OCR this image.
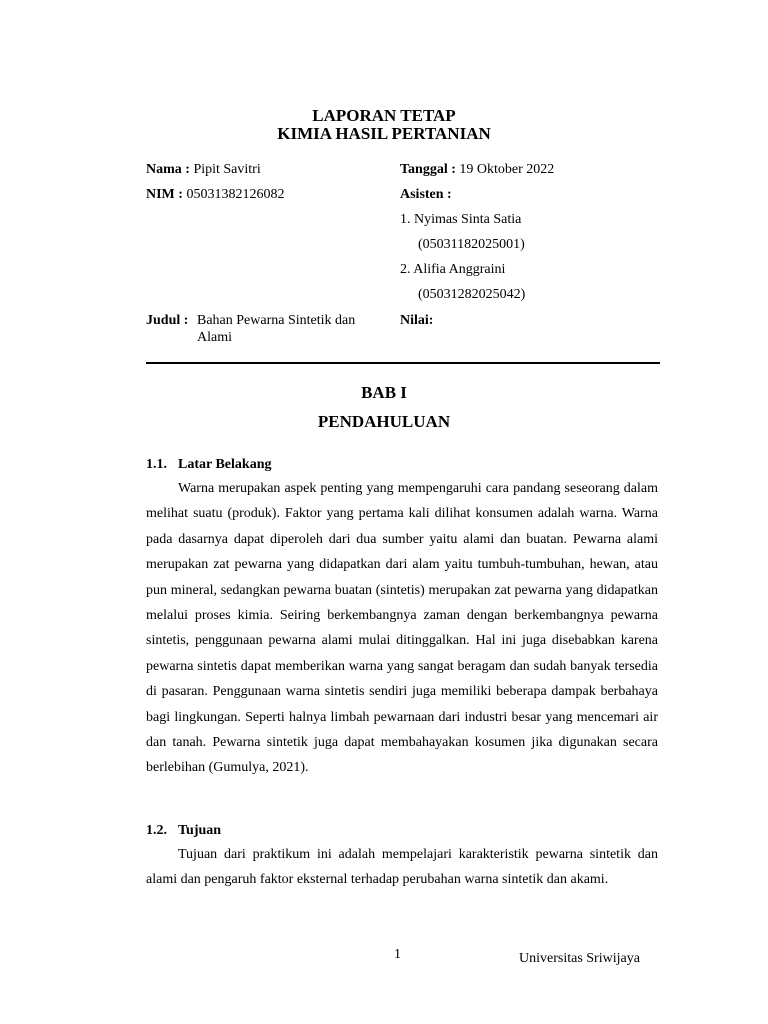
LAPORAN TETAP
KIMIA HASIL PERTANIAN
Nama : Pipit Savitri
NIM : 05031382126082
Tanggal : 19 Oktober 2022
Asisten :
1. Nyimas Sinta Satia
(05031182025001)
2. Alifia Anggraini
(05031282025042)
Judul : Bahan Pewarna Sintetik dan Alami
Nilai:
BAB I
PENDAHULUAN
1.1. Latar Belakang

Warna merupakan aspek penting yang mempengaruhi cara pandang seseorang dalam melihat suatu (produk). Faktor yang pertama kali dilihat konsumen adalah warna. Warna pada dasarnya dapat diperoleh dari dua sumber yaitu alami dan buatan. Pewarna alami merupakan zat pewarna yang didapatkan dari alam yaitu tumbuh-tumbuhan, hewan, atau pun mineral, sedangkan pewarna buatan (sintetis) merupakan zat pewarna yang didapatkan melalui proses kimia. Seiring berkembangnya zaman dengan berkembangnya pewarna sintetis, penggunaan pewarna alami mulai ditinggalkan. Hal ini juga disebabkan karena pewarna sintetis dapat memberikan warna yang sangat beragam dan sudah banyak tersedia di pasaran. Penggunaan warna sintetis sendiri juga memiliki beberapa dampak berbahaya bagi lingkungan. Seperti halnya limbah pewarnaan dari industri besar yang mencemari air dan tanah. Pewarna sintetik juga dapat membahayakan kosumen jika digunakan secara berlebihan (Gumulya, 2021).

1.2. Tujuan

Tujuan dari praktikum ini adalah mempelajari karakteristik pewarna sintetik dan alami dan pengaruh faktor eksternal terhadap perubahan warna sintetik dan akami.

1	Universitas Sriwijaya
